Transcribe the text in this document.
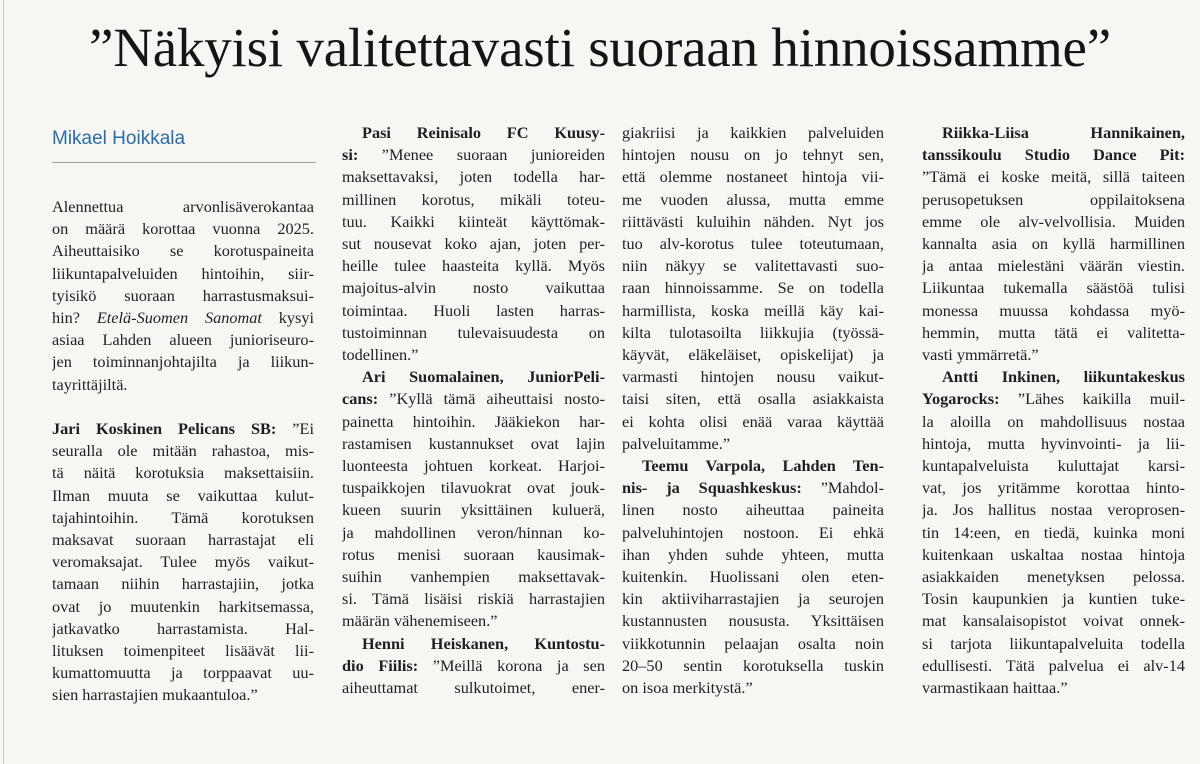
”Näkyisi valitettavasti suoraan hinnoissamme”
Mikael Hoikkala
Alennettua arvonlisäverokantaa
on määrä korottaa vuonna 2025.
Aiheuttaisiko se korotuspaineita
liikuntapalveluiden hintoihin, siir-
tyisikö suoraan harrastusmaksui-
hin? Etelä-Suomen Sanomat kysyi
asiaa Lahden alueen junioriseuro-
jen toiminnanjohtajilta ja liikun-
tayrittäjiltä.

Jari Koskinen Pelicans SB: ”Ei
seuralla ole mitään rahastoa, mis-
tä näitä korotuksia maksettaisiin.
Ilman muuta se vaikuttaa kulut-
tajahintoihin. Tämä korotuksen
maksavat suoraan harrastajat eli
veromaksajat. Tulee myös vaikut-
tamaan niihin harrastajiin, jotka
ovat jo muutenkin harkitsemassa,
jatkavatko harrastamista. Hal-
lituksen toimenpiteet lisäävät lii-
kumattomuutta ja torppaavat uu-
sien harrastajien mukaantuloa.”
Pasi Reinisalo FC Kuusy-
si: ”Menee suoraan junioreiden
maksettavaksi, joten todella har-
millinen korotus, mikäli toteu-
tuu. Kaikki kiinteät käyttömak-
sut nousevat koko ajan, joten per-
heille tulee haasteita kyllä. Myös
majoitus-alvin nosto vaikuttaa
toimintaa. Huoli lasten harras-
tustoiminnan tulevaisuudesta on
todellinen.”
Ari Suomalainen, JuniorPeli-
cans: ”Kyllä tämä aiheuttaisi nosto-
painetta hintoihin. Jääkiekon har-
rastamisen kustannukset ovat lajin
luonteesta johtuen korkeat. Harjoi-
tuspaikkojen tilavuokrat ovat jouk-
kueen suurin yksittäinen kuluerä,
ja mahdollinen veron/hinnan ko-
rotus menisi suoraan kausimak-
suihin vanhempien maksettavak-
si. Tämä lisäisi riskiä harrastajien
määrän vähenemiseen.”
Henni Heiskanen, Kuntostu-
dio Fiilis: ”Meillä korona ja sen
aiheuttamat sulkutoimet, ener-
giakriisi ja kaikkien palveluiden
hintojen nousu on jo tehnyt sen,
että olemme nostaneet hintoja vii-
me vuoden alussa, mutta emme
riittävästi kuluihin nähden. Nyt jos
tuo alv-korotus tulee toteutumaan,
niin näkyy se valitettavasti suo-
raan hinnoissamme. Se on todella
harmillista, koska meillä käy kai-
kilta tulotasoilta liikkujia (työssä-
käyvät, eläkeläiset, opiskelijat) ja
varmasti hintojen nousu vaikut-
taisi siten, että osalla asiakkaista
ei kohta olisi enää varaa käyttää
palveluitamme.”
Teemu Varpola, Lahden Ten-
nis- ja Squashkeskus: ”Mahdol-
linen nosto aiheuttaa paineita
palveluhintojen nostoon. Ei ehkä
ihan yhden suhde yhteen, mutta
kuitenkin. Huolissani olen eten-
kin aktiiviharrastajien ja seurojen
kustannusten noususta. Yksittäisen
viikkotunnin pelaajan osalta noin
20–50 sentin korotuksella tuskin
on isoa merkitystä.”
Riikka-Liisa Hannikainen,
tanssikoulu Studio Dance Pit:
”Tämä ei koske meitä, sillä taiteen
perusopetuksen oppilaitoksena
emme ole alv-velvollisia. Muiden
kannalta asia on kyllä harmillinen
ja antaa mielestäni väärän viestin.
Liikuntaa tukemalla säästöä tulisi
monessa muussa kohdassa myö-
hemmin, mutta tätä ei valitetta-
vasti ymmärretä.”
Antti Inkinen, liikuntakeskus
Yogarocks: ”Lähes kaikilla muil-
la aloilla on mahdollisuus nostaa
hintoja, mutta hyvinvointi- ja lii-
kuntapalveluista kuluttajat karsi-
vat, jos yritämme korottaa hinto-
ja. Jos hallitus nostaa veroprosen-
tin 14:een, en tiedä, kuinka moni
kuitenkaan uskaltaa nostaa hintoja
asiakkaiden menetyksen pelossa.
Tosin kaupunkien ja kuntien tuke-
mat kansalaisopistot voivat onnek-
si tarjota liikuntapalveluita todella
edullisesti. Tätä palvelua ei alv-14
varmastikaan haittaa.”
